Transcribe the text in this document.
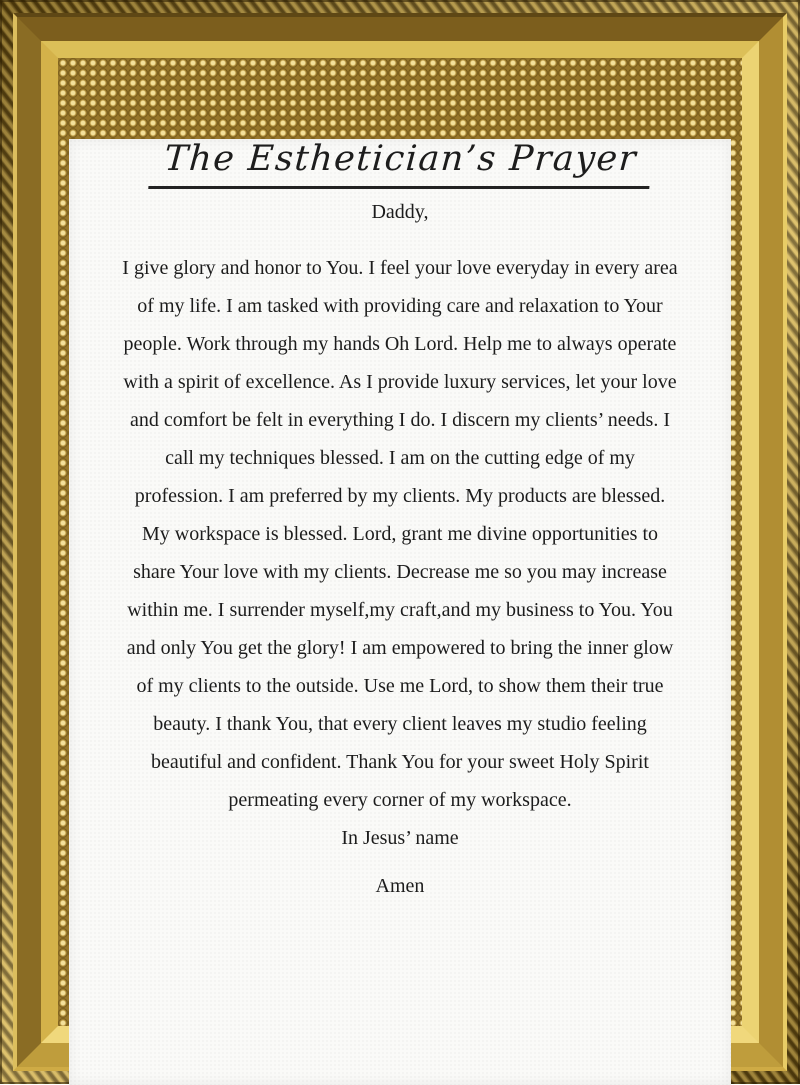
The Esthetician’s Prayer
Daddy,
I give glory and honor to You. I feel your love everyday in every area
of my life. I am tasked with providing care and relaxation to Your
people. Work through my hands Oh Lord. Help me to always operate
with a spirit of excellence. As I provide luxury services, let your love
and comfort be felt in everything I do. I discern my clients’ needs. I
call my techniques blessed. I am on the cutting edge of my
profession. I am preferred by my clients. My products are blessed.
My workspace is blessed. Lord, grant me divine opportunities to
share Your love with my clients. Decrease me so you may increase
within me. I surrender myself,my craft,and my business to You. You
and only You get the glory! I am empowered to bring the inner glow
of my clients to the outside. Use me Lord, to show them their true
beauty. I thank You, that every client leaves my studio feeling
beautiful and confident. Thank You for your sweet Holy Spirit
permeating every corner of my workspace.
In Jesus’ name
Amen
